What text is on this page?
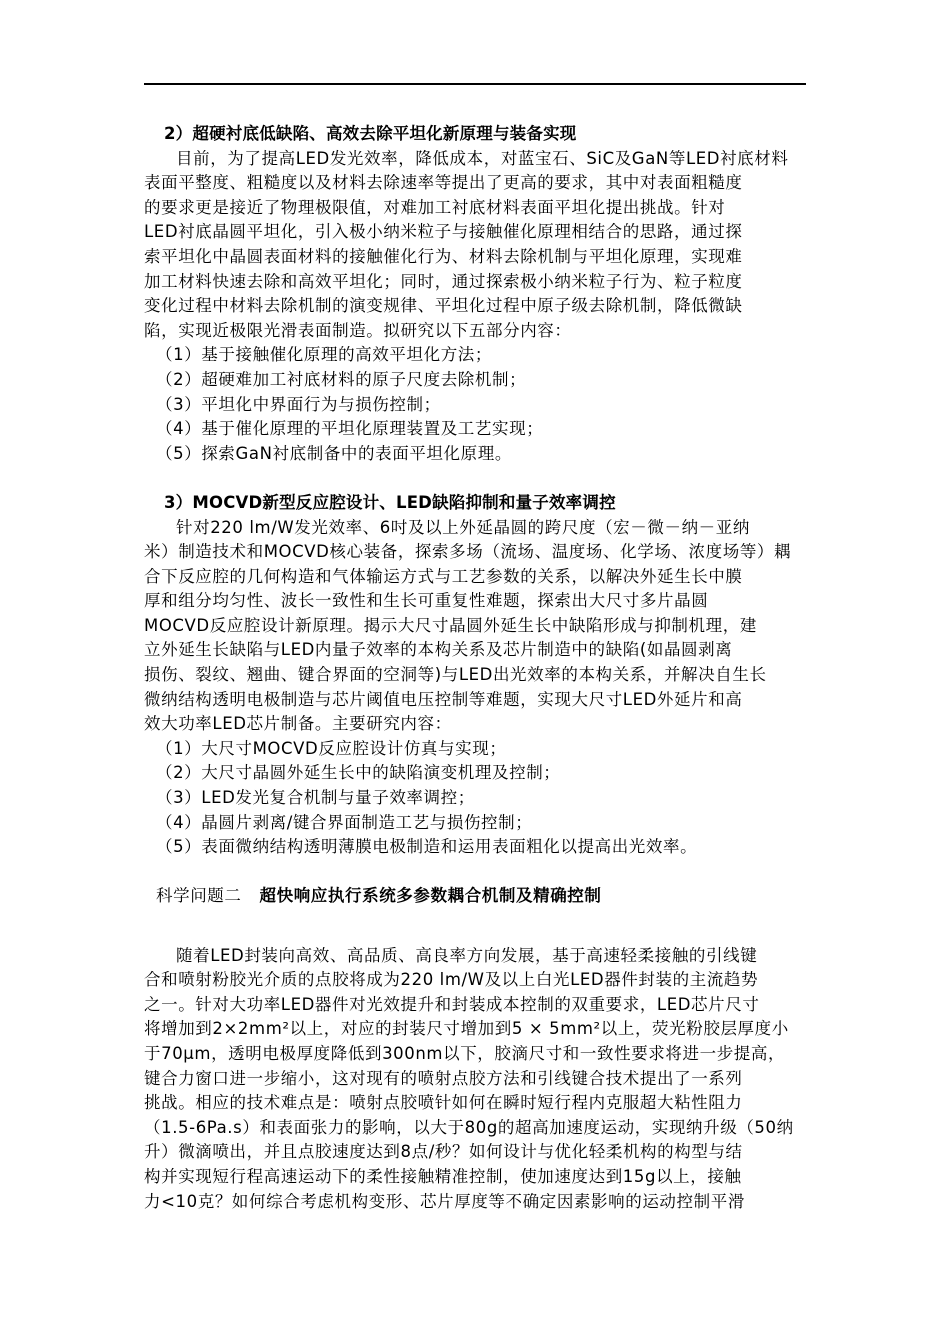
2）超硬衬底低缺陷、高效去除平坦化新原理与装备实现
目前，为了提高LED发光效率，降低成本，对蓝宝石、SiC及GaN等LED衬底材料
表面平整度、粗糙度以及材料去除速率等提出了更高的要求，其中对表面粗糙度
的要求更是接近了物理极限值，对难加工衬底材料表面平坦化提出挑战。针对
LED衬底晶圆平坦化，引入极小纳米粒子与接触催化原理相结合的思路，通过探
索平坦化中晶圆表面材料的接触催化行为、材料去除机制与平坦化原理，实现难
加工材料快速去除和高效平坦化；同时，通过探索极小纳米粒子行为、粒子粒度
变化过程中材料去除机制的演变规律、平坦化过程中原子级去除机制，降低微缺
陷，实现近极限光滑表面制造。拟研究以下五部分内容：
（1）基于接触催化原理的高效平坦化方法；
（2）超硬难加工衬底材料的原子尺度去除机制；
（3）平坦化中界面行为与损伤控制；
（4）基于催化原理的平坦化原理装置及工艺实现；
（5）探索GaN衬底制备中的表面平坦化原理。
3）MOCVD新型反应腔设计、LED缺陷抑制和量子效率调控
针对220 lm/W发光效率、6吋及以上外延晶圆的跨尺度（宏－微－纳－亚纳
米）制造技术和MOCVD核心装备，探索多场（流场、温度场、化学场、浓度场等）耦
合下反应腔的几何构造和气体输运方式与工艺参数的关系，以解决外延生长中膜
厚和组分均匀性、波长一致性和生长可重复性难题，探索出大尺寸多片晶圆
MOCVD反应腔设计新原理。揭示大尺寸晶圆外延生长中缺陷形成与抑制机理，建
立外延生长缺陷与LED内量子效率的本构关系及芯片制造中的缺陷(如晶圆剥离
损伤、裂纹、翘曲、键合界面的空洞等)与LED出光效率的本构关系，并解决自生长
微纳结构透明电极制造与芯片阈值电压控制等难题，实现大尺寸LED外延片和高
效大功率LED芯片制备。主要研究内容：
（1）大尺寸MOCVD反应腔设计仿真与实现；
（2）大尺寸晶圆外延生长中的缺陷演变机理及控制；
（3）LED发光复合机制与量子效率调控；
（4）晶圆片剥离/键合界面制造工艺与损伤控制；
（5）表面微纳结构透明薄膜电极制造和运用表面粗化以提高出光效率。
科学问题二 超快响应执行系统多参数耦合机制及精确控制
随着LED封装向高效、高品质、高良率方向发展，基于高速轻柔接触的引线键
合和喷射粉胶光介质的点胶将成为220 lm/W及以上白光LED器件封装的主流趋势
之一。针对大功率LED器件对光效提升和封装成本控制的双重要求，LED芯片尺寸
将增加到2×2mm²以上，对应的封装尺寸增加到5 × 5mm²以上，荧光粉胶层厚度小
于70μm，透明电极厚度降低到300nm以下，胶滴尺寸和一致性要求将进一步提高，
键合力窗口进一步缩小，这对现有的喷射点胶方法和引线键合技术提出了一系列
挑战。相应的技术难点是：喷射点胶喷针如何在瞬时短行程内克服超大粘性阻力
（1.5-6Pa.s）和表面张力的影响，以大于80g的超高加速度运动，实现纳升级（50纳
升）微滴喷出，并且点胶速度达到8点/秒？如何设计与优化轻柔机构的构型与结
构并实现短行程高速运动下的柔性接触精准控制，使加速度达到15g以上，接触
力<10克？如何综合考虑机构变形、芯片厚度等不确定因素影响的运动控制平滑
